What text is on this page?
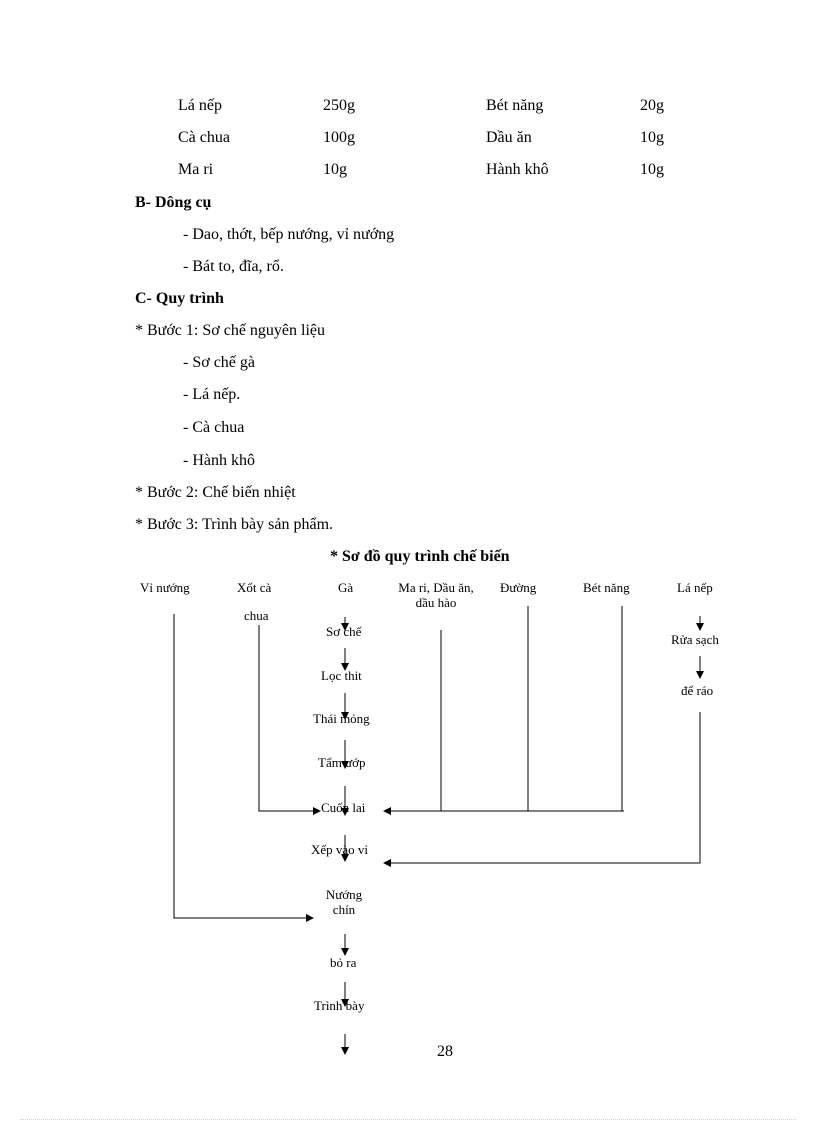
Lá nếp	250g	Bét năng	20g
Cà chua	100g	Dầu ăn	10g
Ma ri	10g	Hành khô	10g
B- Dông cụ
- Dao, thớt, bếp nướng, vỉ nướng
- Bát to, đĩa, rổ.
C- Quy trình
* Bước 1: Sơ chế nguyên liệu
- Sơ chế gà
- Lá nếp.
- Cà chua
- Hành khô
* Bước 2: Chế biến nhiệt
* Bước 3: Trình bày sản phẩm.
* Sơ đồ quy trình chế biến
Vỉ nướng	Xốt cà
chua
Gà	Ma ri, Dầu ăn, dầu hào
Đường	Bét năng	Lá nếp
Sơ chế
Lọc thit
Thái mỏng
Tẩm ướp
Cuốn lai
Xếp vào vỉ
Nướng chín
bỏ ra
Trình bày
Rửa sạch
để ráo
28
